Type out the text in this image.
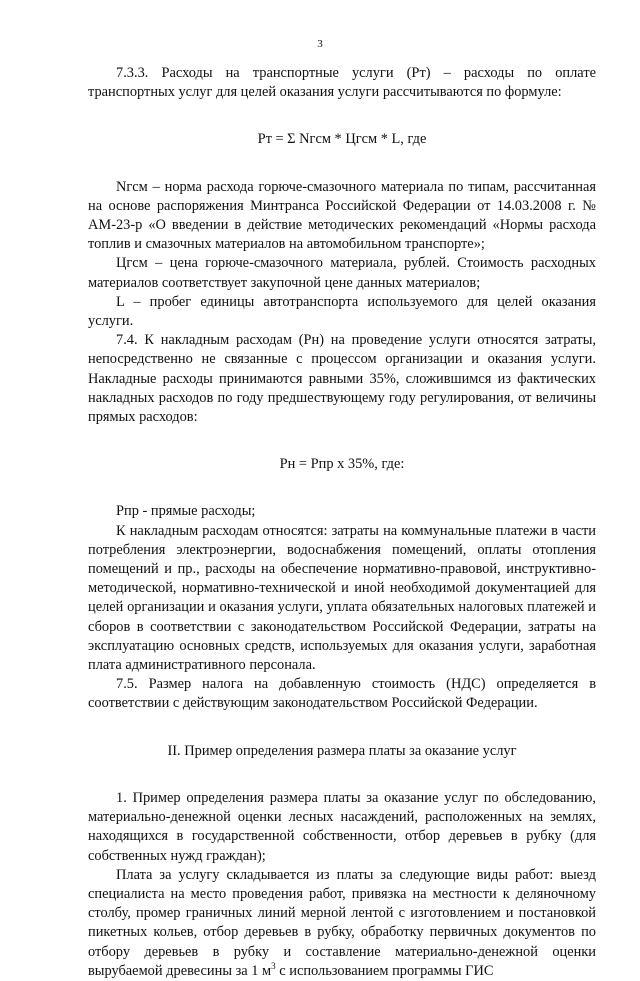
3

7.3.3. Расходы на транспортные услуги (Рт) – расходы по оплате транспортных услуг для целей оказания услуги рассчитываются по формуле:

Рт = Σ Nгсм * Цгсм * L, где

Nгсм – норма расхода горюче-смазочного материала по типам, рассчитанная на основе распоряжения Минтранса Российской Федерации от 14.03.2008 г. № АМ-23-р «О введении в действие методических рекомендаций «Нормы расхода топлив и смазочных материалов на автомобильном транспорте»;

Цгсм – цена горюче-смазочного материала, рублей. Стоимость расходных материалов соответствует закупочной цене данных материалов;

L – пробег единицы автотранспорта используемого для целей оказания услуги.

7.4. К накладным расходам (Рн) на проведение услуги относятся затраты, непосредственно не связанные с процессом организации и оказания услуги. Накладные расходы принимаются равными 35%, сложившимся из фактических накладных расходов по году предшествующему году регулирования, от величины прямых расходов:

Рн = Рпр х 35%, где:

Рпр - прямые расходы;

К накладным расходам относятся: затраты на коммунальные платежи в части потребления электроэнергии, водоснабжения помещений, оплаты отопления помещений и пр., расходы на обеспечение нормативно-правовой, инструктивно-методической, нормативно-технической и иной необходимой документацией для целей организации и оказания услуги, уплата обязательных налоговых платежей и сборов в соответствии с законодательством Российской Федерации, затраты на эксплуатацию основных средств, используемых для оказания услуги, заработная плата административного персонала.

7.5. Размер налога на добавленную стоимость (НДС) определяется в соответствии с действующим законодательством Российской Федерации.

II. Пример определения размера платы за оказание услуг

1. Пример определения размера платы за оказание услуг по обследованию, материально-денежной оценки лесных насаждений, расположенных на землях, находящихся в государственной собственности, отбор деревьев в рубку (для собственных нужд граждан);

Плата за услугу складывается из платы за следующие виды работ: выезд специалиста на место проведения работ, привязка на местности к деляночному столбу, промер граничных линий мерной лентой с изготовлением и постановкой пикетных кольев, отбор деревьев в рубку, обработку первичных документов по отбору деревьев в рубку и составление материально-денежной оценки вырубаемой древесины за 1 $м^3$ с использованием программы ГИС
